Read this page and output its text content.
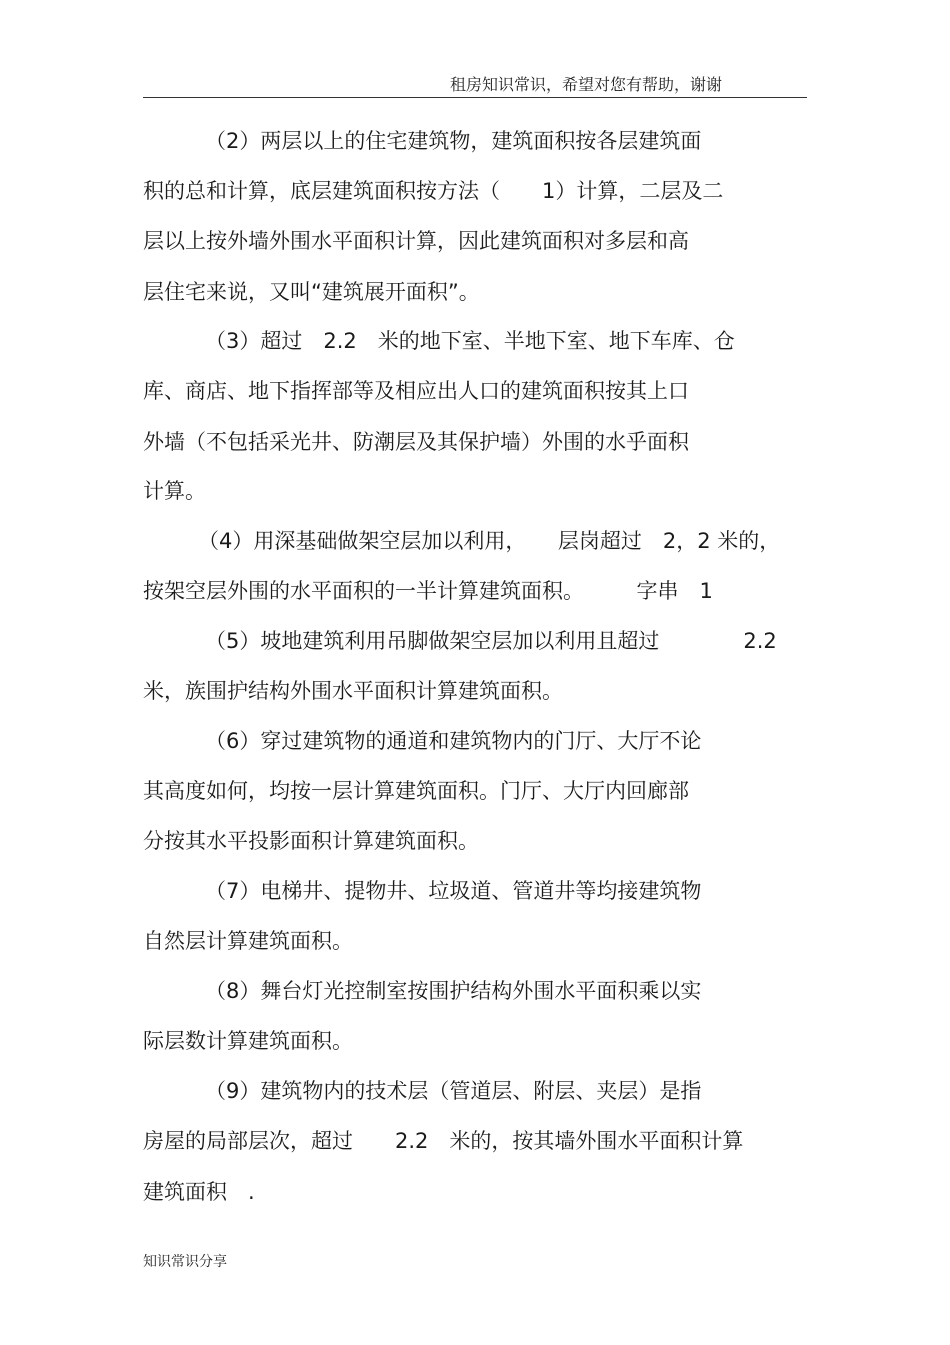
租房知识常识，希望对您有帮助，谢谢
（2）两层以上的住宅建筑物，建筑面积按各层建筑面
积的总和计算，底层建筑面积按方法（　　1）计算，二层及二
层以上按外墙外围水平面积计算，因此建筑面积对多层和高
层住宅来说，又叫“建筑展开面积”。
（3）超过　2.2　米的地下室、半地下室、地下车库、仓
库、商店、地下指挥部等及相应出人口的建筑面积按其上口
外墙（不包括采光井、防潮层及其保护墙）外围的水乎面积
计算。
（4）用深基础做架空层加以利用，　　层岗超过　2，2 米的，
按架空层外围的水平面积的一半计算建筑面积。　　　字串　1
（5）坡地建筑利用吊脚做架空层加以利用且超过　　　　2.2
米，族围护结构外围水平面积计算建筑面积。
（6）穿过建筑物的通道和建筑物内的门厅、大厅不论
其高度如何，均按一层计算建筑面积。门厅、大厅内回廊部
分按其水平投影面积计算建筑面积。
（7）电梯井、提物井、垃圾道、管道井等均接建筑物
自然层计算建筑面积。
（8）舞台灯光控制室按围护结构外围水平面积乘以实
际层数计算建筑面积。
（9）建筑物内的技术层（管道层、附层、夹层）是指
房屋的局部层次，超过　　2.2　米的，按其墙外围水平面积计算
建筑面积　.
知识常识分享
